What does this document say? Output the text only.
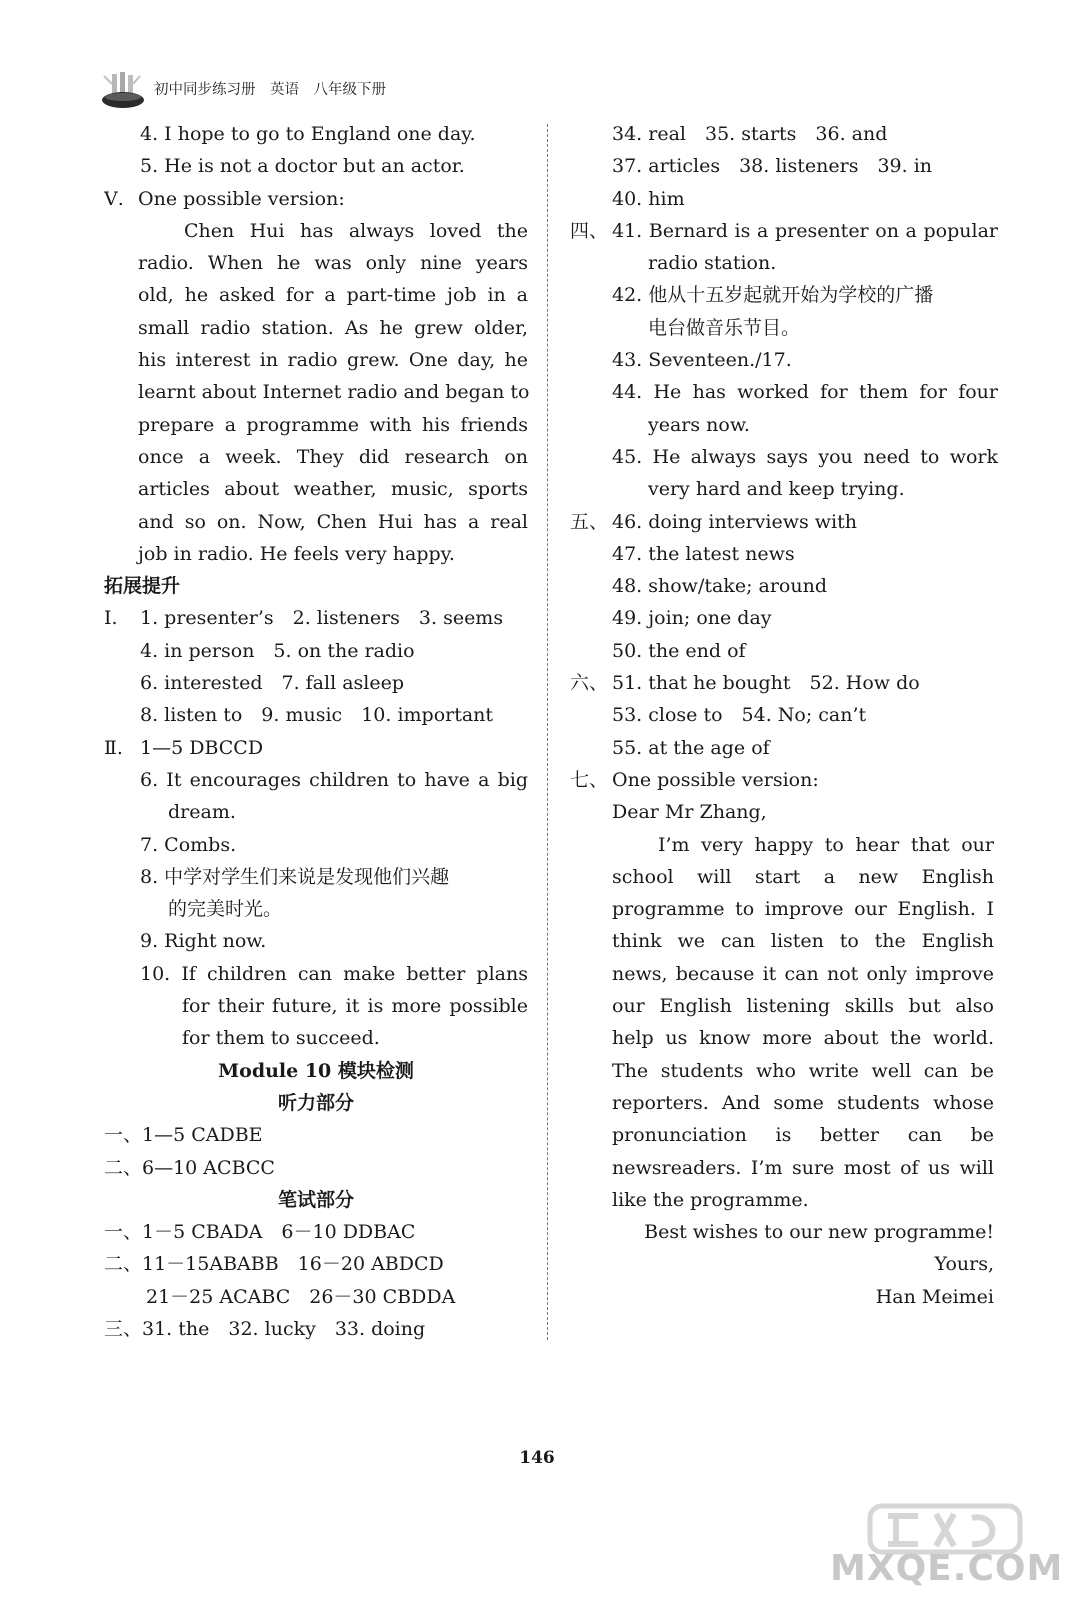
初中同步练习册　英语　八年级下册
4. I hope to go to England one day.
5. He is not a doctor but an actor.
Ⅴ. One possible version:
Chen Hui has always loved the
radio. When he was only nine years
old, he asked for a part-time job in a
small radio station. As he grew older,
his interest in radio grew. One day, he
learnt about Internet radio and began to
prepare a programme with his friends
once a week. They did research on
articles about weather, music, sports
and so on. Now, Chen Hui has a real
job in radio. He feels very happy.
拓展提升
Ⅰ. 1. presenter’s　2. listeners　3. seems
4. in person　5. on the radio
6. interested　7. fall asleep
8. listen to　9. music　10. important
Ⅱ. 1—5 DBCCD
6. It encourages children to have a big
dream.
7. Combs.
8. 中学对学生们来说是发现他们兴趣
的完美时光。
9. Right now.
10. If children can make better plans
for their future, it is more possible
for them to succeed.
Module 10 模块检测
听力部分
一、1—5 CADBE
二、6—10 ACBCC
笔试部分
一、1－5 CBADA　6－10 DDBAC
二、11－15ABABB　16－20 ABDCD
21－25 ACABC　26－30 CBDDA
三、31. the　32. lucky　33. doing
34. real　35. starts　36. and
37. articles　38. listeners　39. in
40. him
四、 41. Bernard is a presenter on a popular
radio station.
42. 他从十五岁起就开始为学校的广播
电台做音乐节目。
43. Seventeen./17.
44. He has worked for them for four
years now.
45. He always says you need to work
very hard and keep trying.
五、 46. doing interviews with
47. the latest news
48. show/take; around
49. join; one day
50. the end of
六、 51. that he bought　52. How do
53. close to　54. No; can’t
55. at the age of
七、 One possible version:
Dear Mr Zhang,
I’m very happy to hear that our
school will start a new English
programme to improve our English. I
think we can listen to the English
news, because it can not only improve
our English listening skills but also
help us know more about the world.
The students who write well can be
reporters. And some students whose
pronunciation is better can be
newsreaders. I’m sure most of us will
like the programme.
Best wishes to our new programme!
Yours,
Han Meimei
146
MXQE.COM
